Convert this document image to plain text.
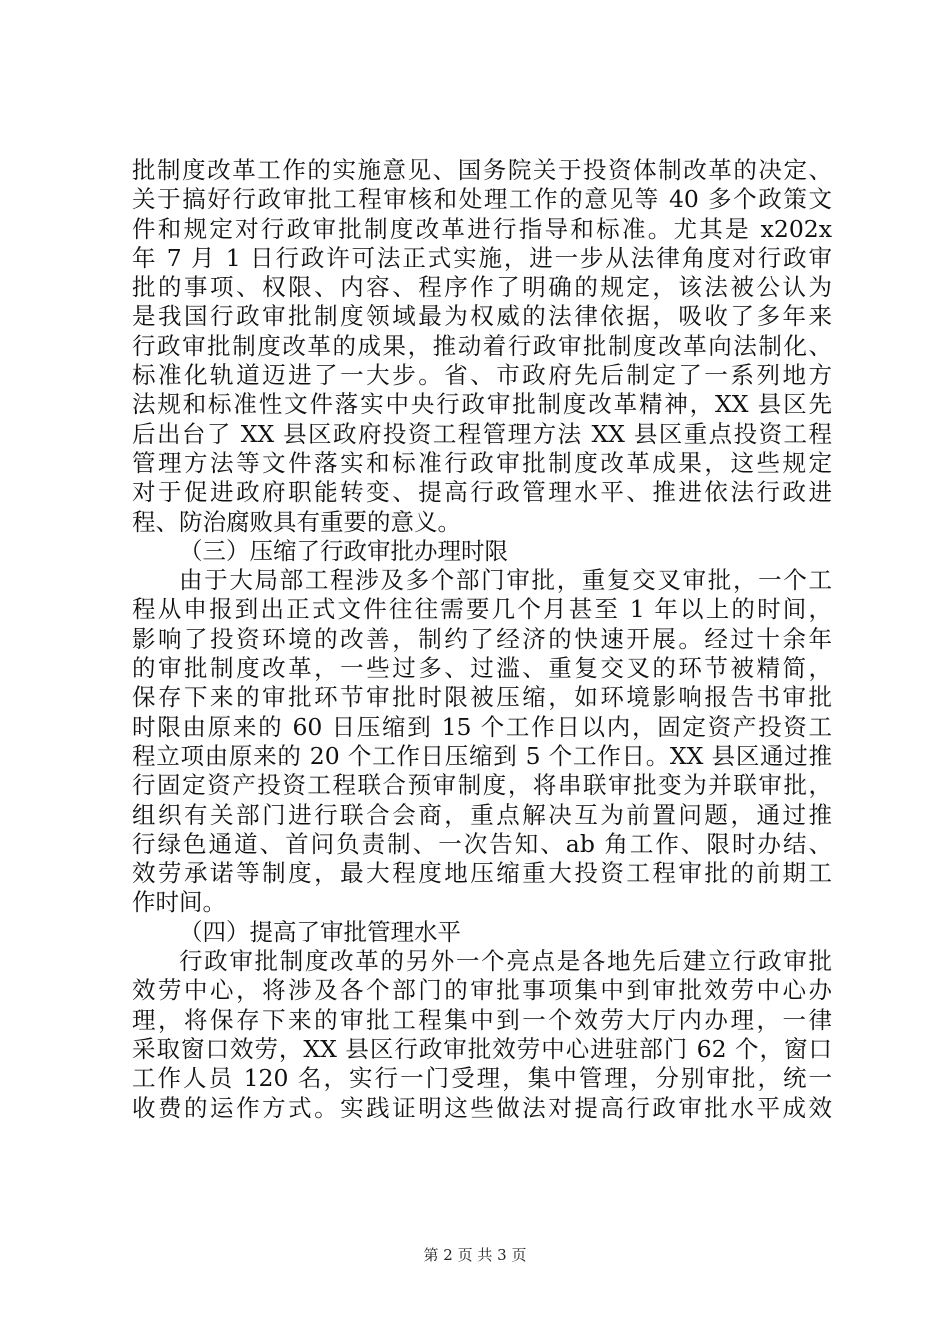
批制度改革工作的实施意见、国务院关于投资体制改革的决定、
关于搞好行政审批工程审核和处理工作的意见等 40 多个政策文
件和规定对行政审批制度改革进行指导和标准。尤其是 x202x
年 7 月 1 日行政许可法正式实施，进一步从法律角度对行政审
批的事项、权限、内容、程序作了明确的规定，该法被公认为
是我国行政审批制度领域最为权威的法律依据，吸收了多年来
行政审批制度改革的成果，推动着行政审批制度改革向法制化、
标准化轨道迈进了一大步。省、市政府先后制定了一系列地方
法规和标准性文件落实中央行政审批制度改革精神，XX 县区先
后出台了 XX 县区政府投资工程管理方法 XX 县区重点投资工程
管理方法等文件落实和标准行政审批制度改革成果，这些规定
对于促进政府职能转变、提高行政管理水平、推进依法行政进
程、防治腐败具有重要的意义。
（三）压缩了行政审批办理时限
由于大局部工程涉及多个部门审批，重复交叉审批，一个工
程从申报到出正式文件往往需要几个月甚至 1 年以上的时间，
影响了投资环境的改善，制约了经济的快速开展。经过十余年
的审批制度改革，一些过多、过滥、重复交叉的环节被精简，
保存下来的审批环节审批时限被压缩，如环境影响报告书审批
时限由原来的 60 日压缩到 15 个工作日以内，固定资产投资工
程立项由原来的 20 个工作日压缩到 5 个工作日。XX 县区通过推
行固定资产投资工程联合预审制度，将串联审批变为并联审批，
组织有关部门进行联合会商，重点解决互为前置问题，通过推
行绿色通道、首问负责制、一次告知、ab 角工作、限时办结、
效劳承诺等制度，最大程度地压缩重大投资工程审批的前期工
作时间。
（四）提高了审批管理水平
行政审批制度改革的另外一个亮点是各地先后建立行政审批
效劳中心，将涉及各个部门的审批事项集中到审批效劳中心办
理，将保存下来的审批工程集中到一个效劳大厅内办理，一律
采取窗口效劳，XX 县区行政审批效劳中心进驻部门 62 个，窗口
工作人员 120 名，实行一门受理，集中管理，分别审批，统一
收费的运作方式。实践证明这些做法对提高行政审批水平成效
第 2 页 共 3 页
